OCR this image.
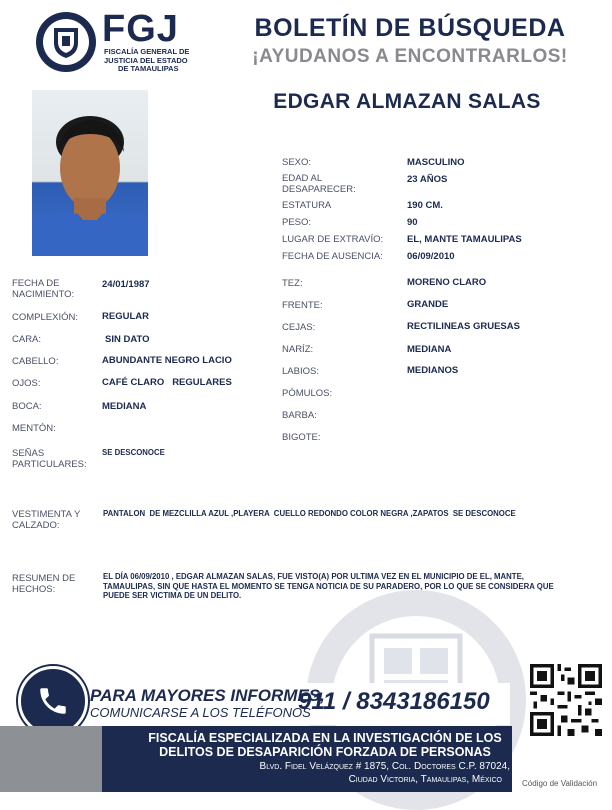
FGJ
FISCALÍA GENERAL DE
JUSTICIA DEL ESTADO
DE TAMAULIPAS
BOLETÍN DE BÚSQUEDA
¡AYUDANOS A ENCONTRARLOS!
EDGAR ALMAZAN SALAS
SEXO:	MASCULINO
EDAD AL DESAPARECER:
23 AÑOS
ESTATURA	190 CM.
PESO:	90
LUGAR DE EXTRAVÍO:	EL, MANTE TAMAULIPAS
FECHA DE AUSENCIA:	06/09/2010
TEZ:	MORENO CLARO
FRENTE:	GRANDE
CEJAS:	RECTILINEAS GRUESAS
NARÍZ:	MEDIANA
LABIOS:	MEDIANOS
PÓMULOS:
BARBA:
BIGOTE:
FECHA DE NACIMIENTO:
24/01/1987
COMPLEXIÓN:	REGULAR
CARA:	SIN DATO
CABELLO:	ABUNDANTE NEGRO LACIO
OJOS:	CAFÉ CLARO   REGULARES
BOCA:	MEDIANA
MENTÓN:
SEÑAS PARTICULARES:
SE DESCONOCE
VESTIMENTA Y CALZADO:
PANTALON  DE MEZCLILLA AZUL ,PLAYERA  CUELLO REDONDO COLOR NEGRA ,ZAPATOS  SE DESCONOCE
RESUMEN DE HECHOS:
EL DÍA 06/09/2010 , EDGAR ALMAZAN SALAS, FUE VISTO(A) POR ULTIMA VEZ EN EL MUNICIPIO DE EL, MANTE, TAMAULIPAS, SIN QUE HASTA EL MOMENTO SE TENGA NOTICIA DE SU PARADERO, POR LO QUE SE CONSIDERA QUE PUEDE SER VICTIMA DE UN DELITO.
PARA MAYORES INFORMES,
COMUNICARSE A LOS TELÉFONOS
911 / 8343186150
FISCALÍA ESPECIALIZADA EN LA INVESTIGACIÓN DE LOS
DELITOS DE DESAPARICIÓN FORZADA DE PERSONAS
Blvd. Fidel Velázquez # 1875, Col. Doctores C.P. 87024,
Ciudad Victoria, Tamaulipas, México	Código de Validación
